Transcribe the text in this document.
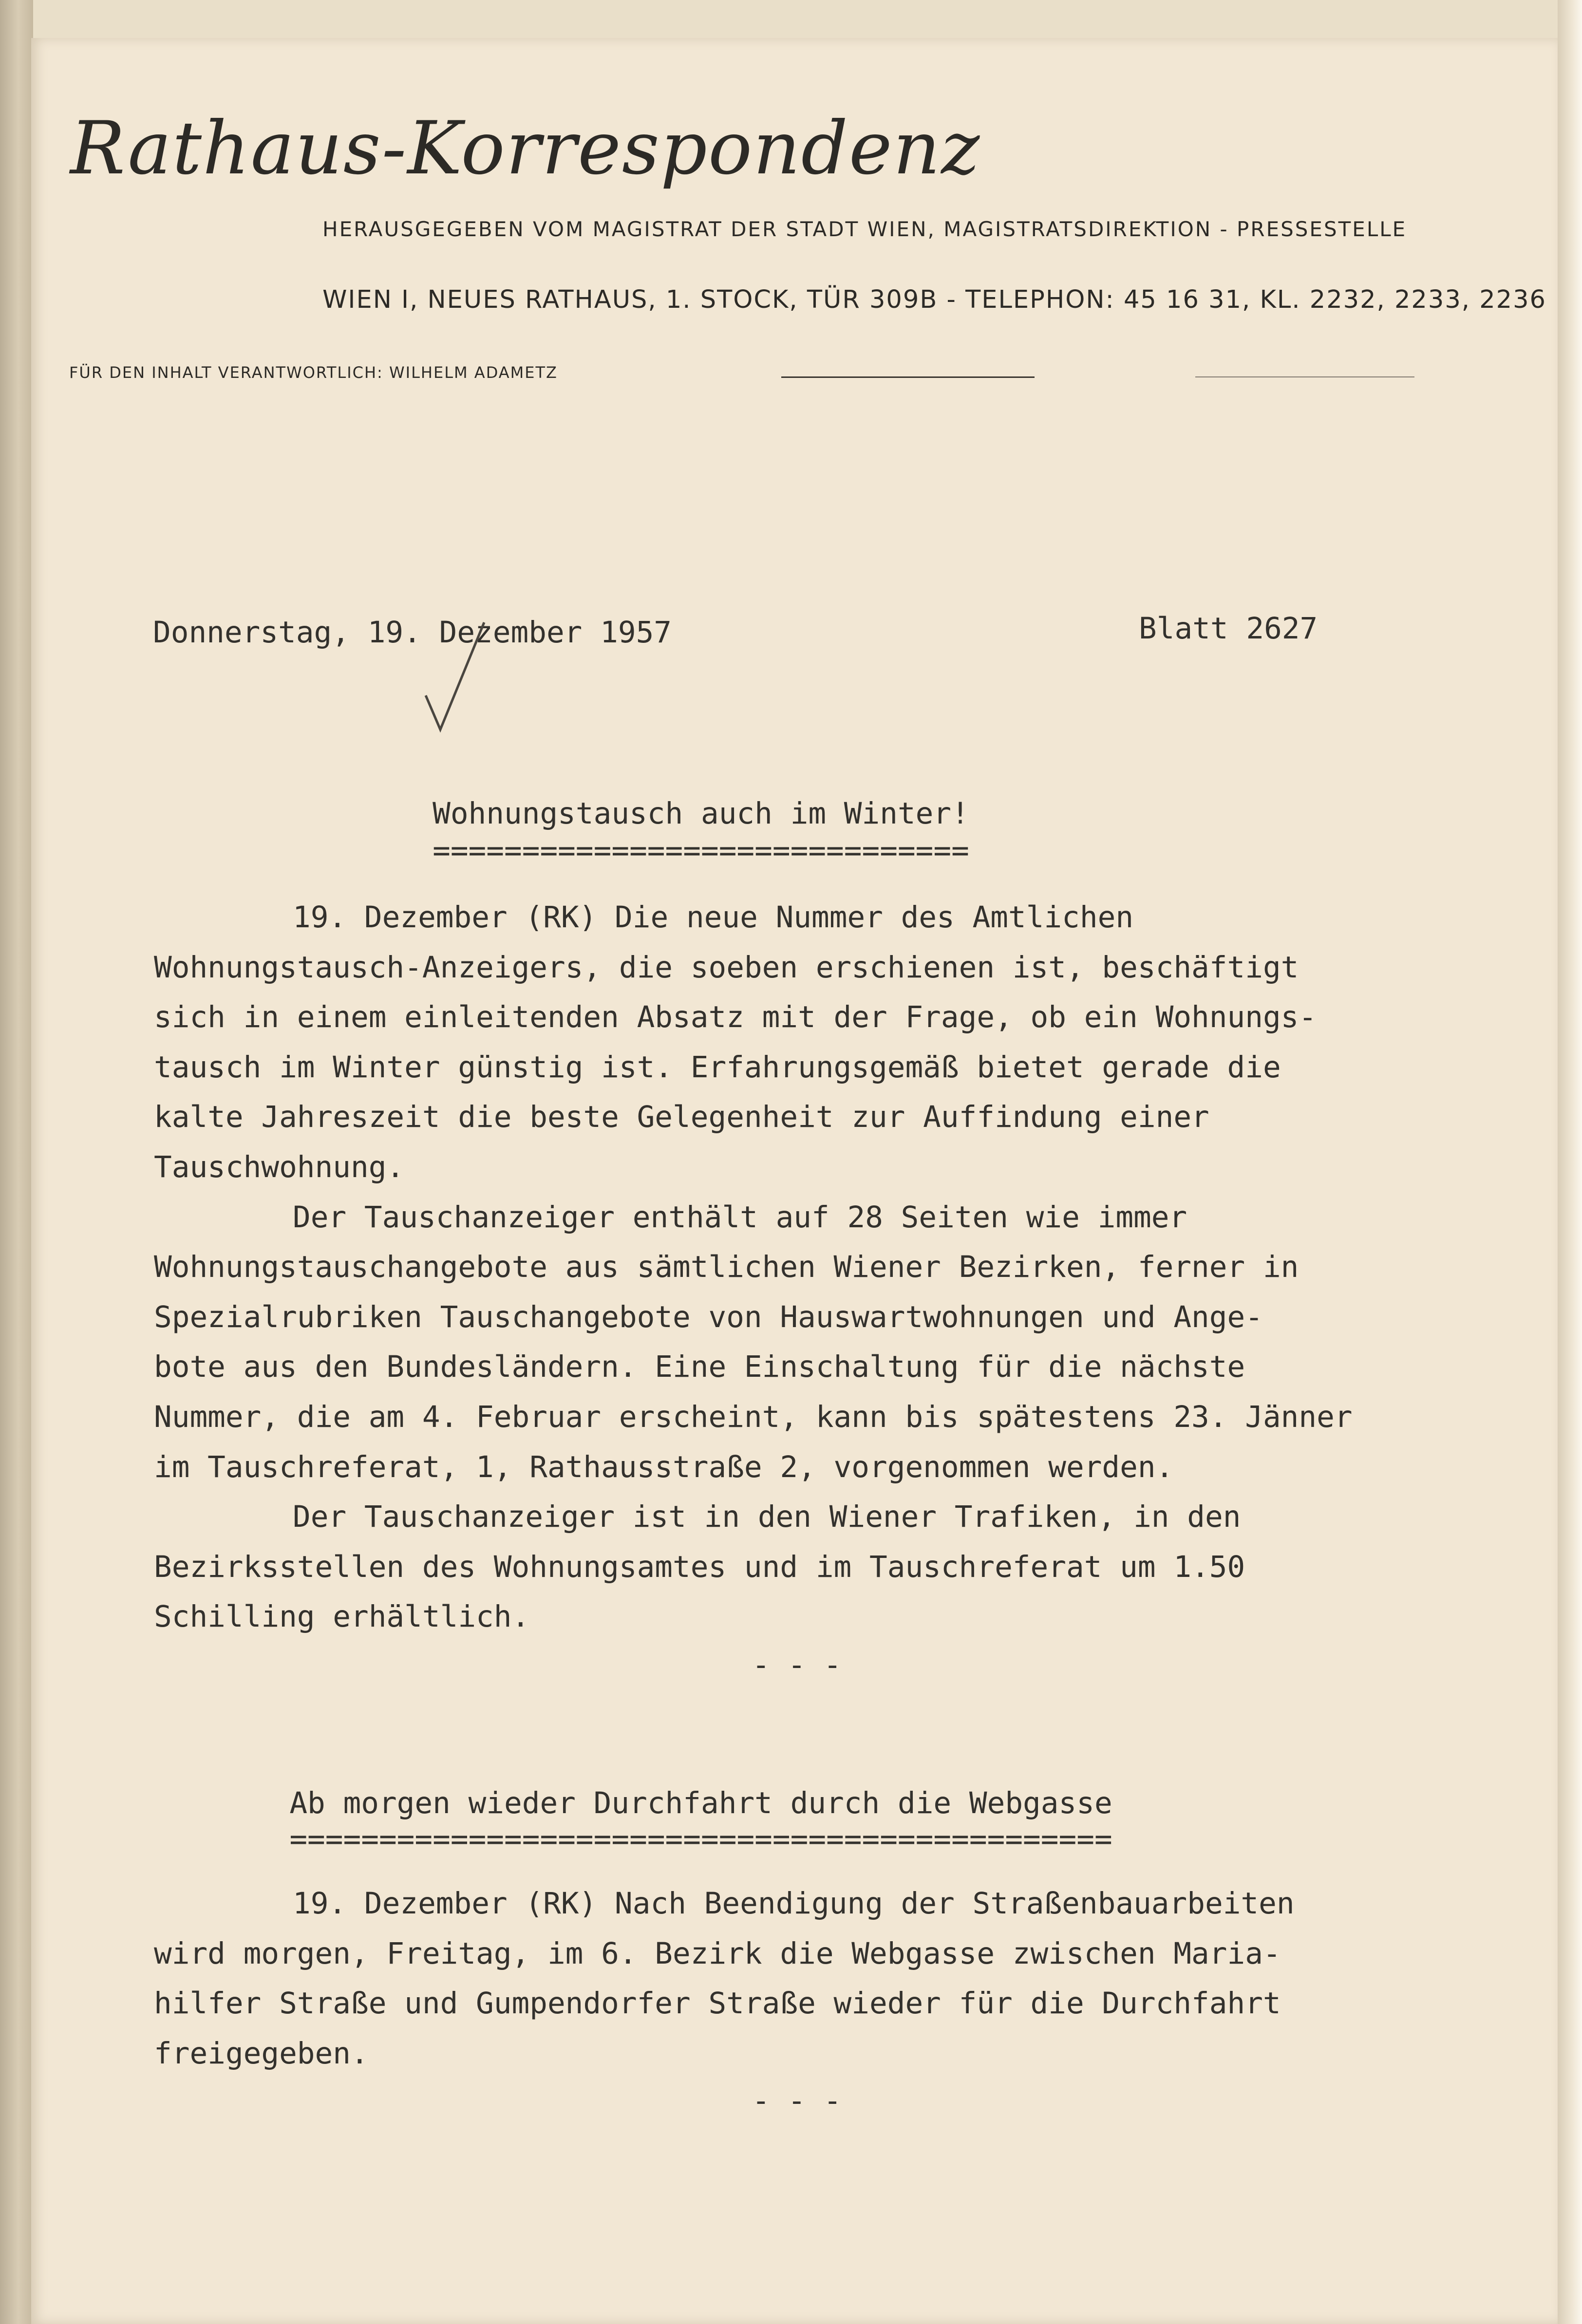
Rathaus-Korrespondenz
HERAUSGEGEBEN VOM MAGISTRAT DER STADT WIEN, MAGISTRATSDIREKTION - PRESSESTELLE
WIEN I, NEUES RATHAUS, 1. STOCK, TÜR 309B - TELEPHON: 45 16 31, KL. 2232, 2233, 2236
FÜR DEN INHALT VERANTWORTLICH: WILHELM ADAMETZ
Donnerstag, 19. Dezember 1957	Blatt 2627
Wohnungstausch auch im Winter!
==============================
19. Dezember (RK) Die neue Nummer des Amtlichen
Wohnungstausch-Anzeigers, die soeben erschienen ist, beschäftigt
sich in einem einleitenden Absatz mit der Frage, ob ein Wohnungs-
tausch im Winter günstig ist. Erfahrungsgemäß bietet gerade die
kalte Jahreszeit die beste Gelegenheit zur Auffindung einer
Tauschwohnung.
Der Tauschanzeiger enthält auf 28 Seiten wie immer
Wohnungstauschangebote aus sämtlichen Wiener Bezirken, ferner in
Spezialrubriken Tauschangebote von Hauswartwohnungen und Ange-
bote aus den Bundesländern. Eine Einschaltung für die nächste
Nummer, die am 4. Februar erscheint, kann bis spätestens 23. Jänner
im Tauschreferat, 1, Rathausstraße 2, vorgenommen werden.
Der Tauschanzeiger ist in den Wiener Trafiken, in den
Bezirksstellen des Wohnungsamtes und im Tauschreferat um 1.50
Schilling erhältlich.
- - -
Ab morgen wieder Durchfahrt durch die Webgasse
==============================================
19. Dezember (RK) Nach Beendigung der Straßenbauarbeiten
wird morgen, Freitag, im 6. Bezirk die Webgasse zwischen Maria-
hilfer Straße und Gumpendorfer Straße wieder für die Durchfahrt
freigegeben.
- - -
